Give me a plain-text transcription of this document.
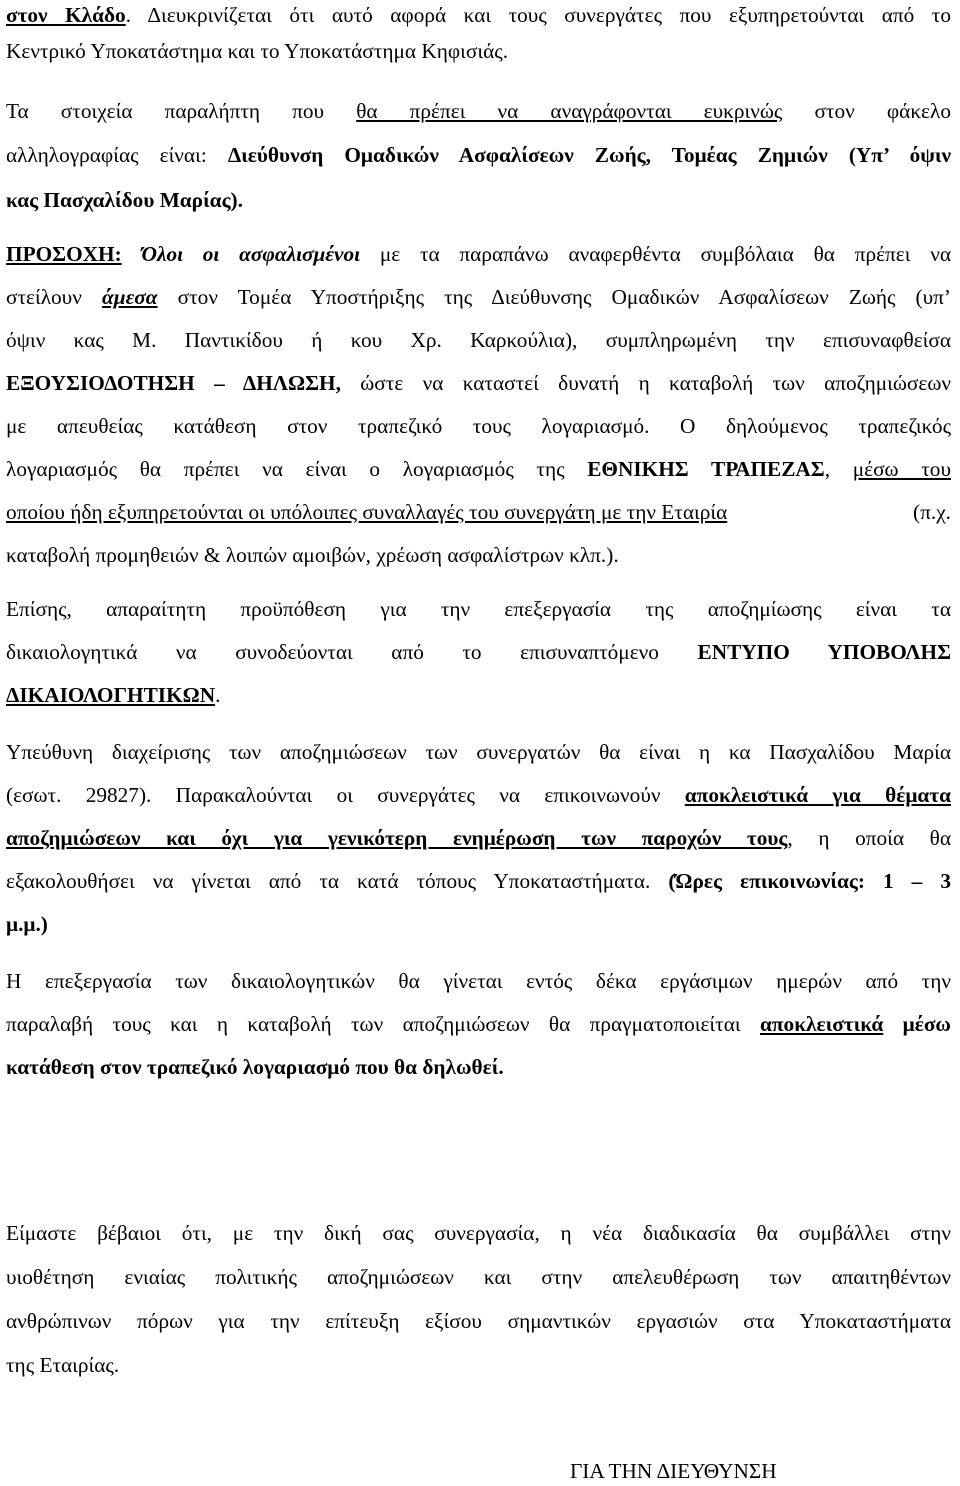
στον Κλάδο. Διευκρινίζεται ότι αυτό αφορά και τους συνεργάτες που εξυπηρετούνται από το
Κεντρικό Υποκατάστημα και το Υποκατάστημα Κηφισιάς.
Τα στοιχεία παραλήπτη που θα πρέπει να αναγράφονται ευκρινώς στον φάκελο
αλληλογραφίας είναι: Διεύθυνση Ομαδικών Ασφαλίσεων Ζωής, Τομέας Ζημιών (Υπ’ όψιν
κας Πασχαλίδου Μαρίας).
ΠΡΟΣΟΧΗ: Όλοι οι ασφαλισμένοι με τα παραπάνω αναφερθέντα συμβόλαια θα πρέπει να
στείλουν άμεσα στον Τομέα Υποστήριξης της Διεύθυνσης Ομαδικών Ασφαλίσεων Ζωής (υπ’
όψιν κας Μ. Παντικίδου ή κου Χρ. Καρκούλια), συμπληρωμένη την επισυναφθείσα
ΕΞΟΥΣΙΟΔΟΤΗΣΗ – ΔΗΛΩΣΗ, ώστε να καταστεί δυνατή η καταβολή των αποζημιώσεων
με απευθείας κατάθεση στον τραπεζικό τους λογαριασμό. Ο δηλούμενος τραπεζικός
λογαριασμός θα πρέπει να είναι ο λογαριασμός της ΕΘΝΙΚΗΣ ΤΡΑΠΕΖΑΣ, μέσω του
οποίου ήδη εξυπηρετούνται οι υπόλοιπες συναλλαγές του συνεργάτη με την Εταιρία	(π.χ.
καταβολή προμηθειών & λοιπών αμοιβών, χρέωση ασφαλίστρων κλπ.).
Επίσης, απαραίτητη προϋπόθεση για την επεξεργασία της αποζημίωσης είναι τα
δικαιολογητικά να συνοδεύονται από το επισυναπτόμενο ΕΝΤΥΠΟ ΥΠΟΒΟΛΗΣ
ΔΙΚΑΙΟΛΟΓΗΤΙΚΩΝ.
Υπεύθυνη διαχείρισης των αποζημιώσεων των συνεργατών θα είναι η κα Πασχαλίδου Μαρία
(εσωτ. 29827). Παρακαλούνται οι συνεργάτες να επικοινωνούν αποκλειστικά για θέματα
αποζημιώσεων και όχι για γενικότερη ενημέρωση των παροχών τους, η οποία θα
εξακολουθήσει να γίνεται από τα κατά τόπους Υποκαταστήματα. (Ώρες επικοινωνίας: 1 – 3
μ.μ.)
Η επεξεργασία των δικαιολογητικών θα γίνεται εντός δέκα εργάσιμων ημερών από την
παραλαβή τους και η καταβολή των αποζημιώσεων θα πραγματοποιείται αποκλειστικά μέσω
κατάθεση στον τραπεζικό λογαριασμό που θα δηλωθεί.
Είμαστε βέβαιοι ότι, με την δική σας συνεργασία, η νέα διαδικασία θα συμβάλλει στην
υιοθέτηση ενιαίας πολιτικής αποζημιώσεων και στην απελευθέρωση των απαιτηθέντων
ανθρώπινων πόρων για την επίτευξη εξίσου σημαντικών εργασιών στα Υποκαταστήματα
της Εταιρίας.
ΓΙΑ ΤΗΝ ΔΙΕΥΘΥΝΣΗ
